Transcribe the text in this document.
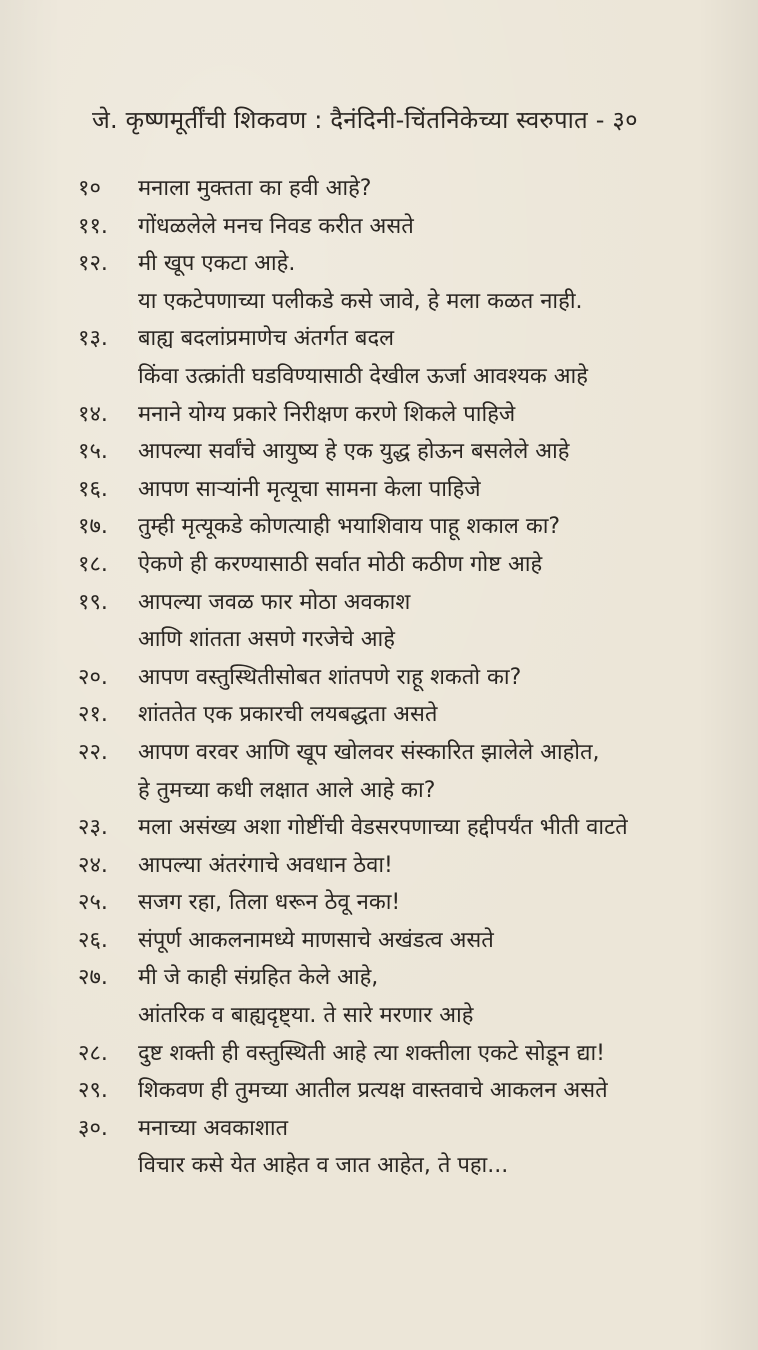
जे. कृष्णमूर्तींची शिकवण : दैनंदिनी-चिंतनिकेच्या स्वरुपात - ३०
१०	मनाला मुक्तता का हवी आहे?
११.	गोंधळलेले मनच निवड करीत असते
१२.	मी खूप एकटा आहे.
या एकटेपणाच्या पलीकडे कसे जावे, हे मला कळत नाही.
१३.	बाह्य बदलांप्रमाणेच अंतर्गत बदल
किंवा उत्क्रांती घडविण्यासाठी देखील ऊर्जा आवश्यक आहे
१४.	मनाने योग्य प्रकारे निरीक्षण करणे शिकले पाहिजे
१५.	आपल्या सर्वांचे आयुष्य हे एक युद्ध होऊन बसलेले आहे
१६.	आपण साऱ्यांनी मृत्यूचा सामना केला पाहिजे
१७.	तुम्ही मृत्यूकडे कोणत्याही भयाशिवाय पाहू शकाल का?
१८.	ऐकणे ही करण्यासाठी सर्वात मोठी कठीण गोष्ट आहे
१९.	आपल्या जवळ फार मोठा अवकाश
आणि शांतता असणे गरजेचे आहे
२०.	आपण वस्तुस्थितीसोबत शांतपणे राहू शकतो का?
२१.	शांततेत एक प्रकारची लयबद्धता असते
२२.	आपण वरवर आणि खूप खोलवर संस्कारित झालेले आहोत,
हे तुमच्या कधी लक्षात आले आहे का?
२३.	मला असंख्य अशा गोष्टींची वेडसरपणाच्या हद्दीपर्यंत भीती वाटते
२४.	आपल्या अंतरंगाचे अवधान ठेवा!
२५.	सजग रहा, तिला धरून ठेवू नका!
२६.	संपूर्ण आकलनामध्ये माणसाचे अखंडत्व असते
२७.	मी जे काही संग्रहित केले आहे,
आंतरिक व बाह्यदृष्ट्या. ते सारे मरणार आहे
२८.	दुष्ट शक्ती ही वस्तुस्थिती आहे त्या शक्तीला एकटे सोडून द्या!
२९.	शिकवण ही तुमच्या आतील प्रत्यक्ष वास्तवाचे आकलन असते
३०.	मनाच्या अवकाशात
विचार कसे येत आहेत व जात आहेत, ते पहा...
